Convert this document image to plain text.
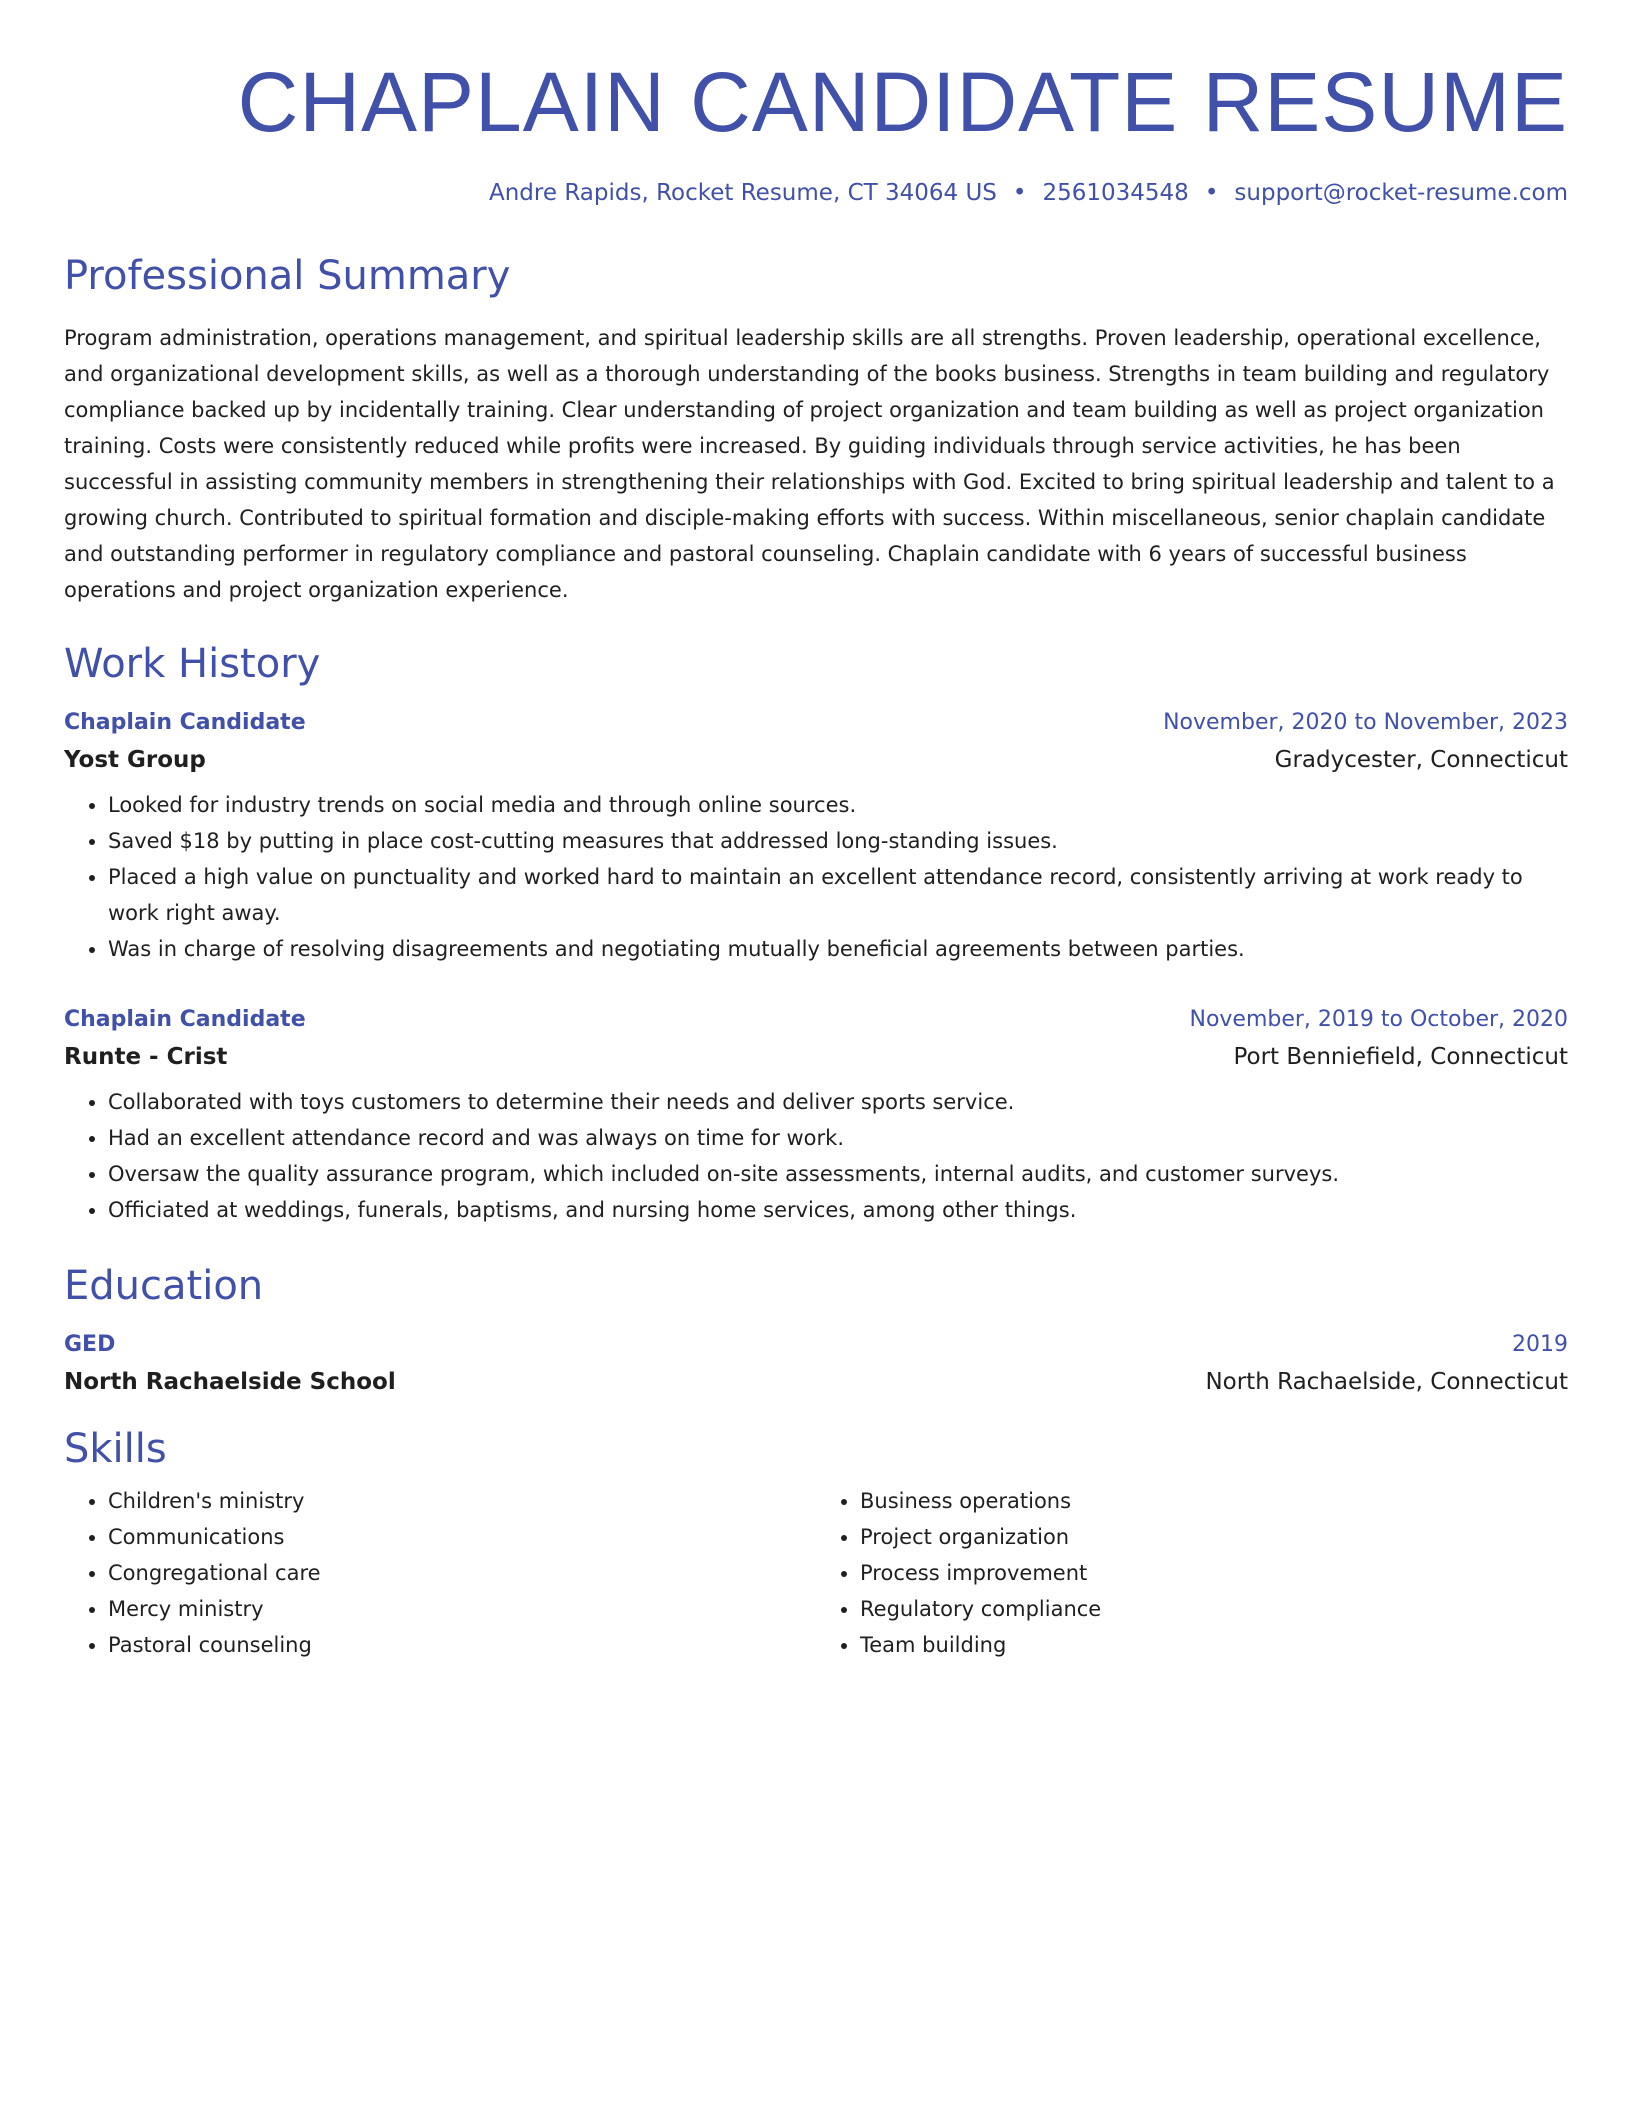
CHAPLAIN CANDIDATE RESUME
Andre Rapids, Rocket Resume, CT 34064 US • 2561034548 • support@rocket-resume.com
Professional Summary
Program administration, operations management, and spiritual leadership skills are all strengths. Proven leadership, operational excellence, and organizational development skills, as well as a thorough understanding of the books business. Strengths in team building and regulatory compliance backed up by incidentally training. Clear understanding of project organization and team building as well as project organization training. Costs were consistently reduced while profits were increased. By guiding individuals through service activities, he has been successful in assisting community members in strengthening their relationships with God. Excited to bring spiritual leadership and talent to a growing church. Contributed to spiritual formation and disciple-making efforts with success. Within miscellaneous, senior chaplain candidate and outstanding performer in regulatory compliance and pastoral counseling. Chaplain candidate with 6 years of successful business operations and project organization experience.
Work History
Chaplain Candidate	November, 2020 to November, 2023
Yost Group	Gradycester, Connecticut
• Looked for industry trends on social media and through online sources.
• Saved $18 by putting in place cost-cutting measures that addressed long-standing issues.
• Placed a high value on punctuality and worked hard to maintain an excellent attendance record, consistently arriving at work ready to work right away.
• Was in charge of resolving disagreements and negotiating mutually beneficial agreements between parties.
Chaplain Candidate	November, 2019 to October, 2020
Runte - Crist	Port Benniefield, Connecticut
• Collaborated with toys customers to determine their needs and deliver sports service.
• Had an excellent attendance record and was always on time for work.
• Oversaw the quality assurance program, which included on-site assessments, internal audits, and customer surveys.
• Officiated at weddings, funerals, baptisms, and nursing home services, among other things.
Education
GED	2019
North Rachaelside School	North Rachaelside, Connecticut
Skills
• Children's ministry
• Communications
• Congregational care
• Mercy ministry
• Pastoral counseling
• Business operations
• Project organization
• Process improvement
• Regulatory compliance
• Team building
